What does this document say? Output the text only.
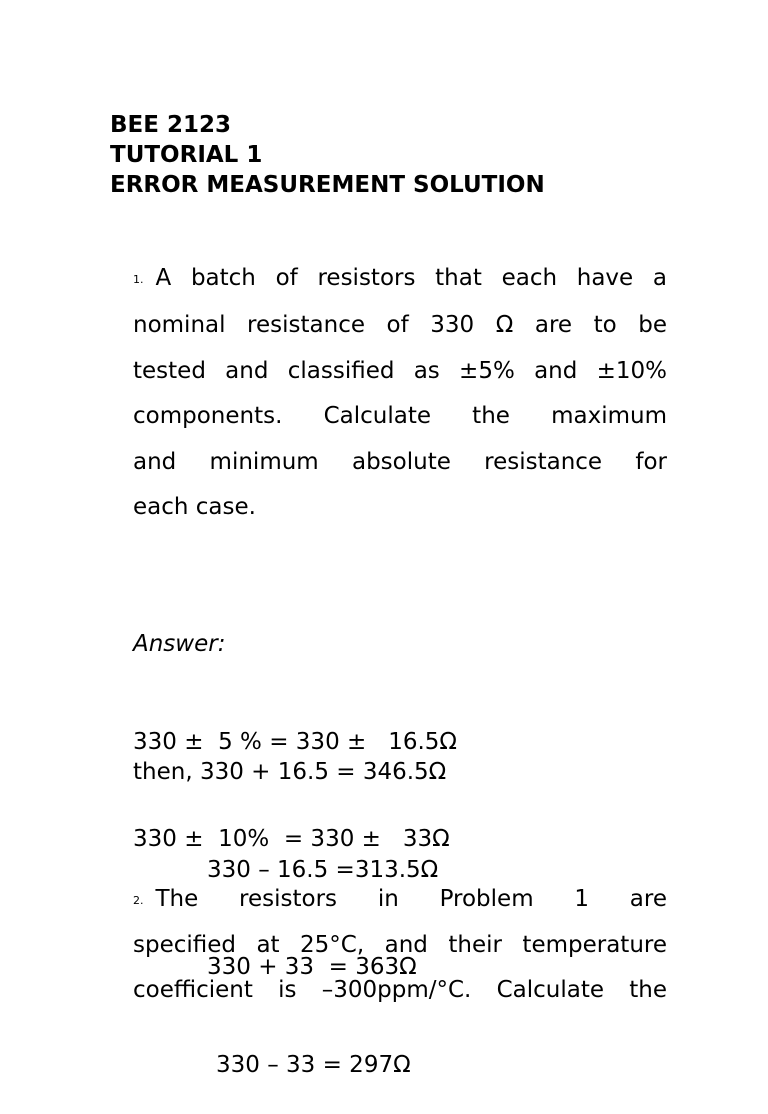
BEE 2123
TUTORIAL 1
ERROR MEASUREMENT SOLUTION
1. A batch of resistors that each have a
nominal resistance of 330 Ω are to be
tested and classified as ±5% and ±10%
components. Calculate the maximum
and minimum absolute resistance for
each case.

Answer:

330 ±  5 % = 330 ±   16.5Ω

330 ±  10%  = 330 ±   33Ω

then, 330 + 16.5 = 346.5Ω

330 – 16.5 =313.5Ω

330 + 33  = 363Ω

330 – 33 = 297Ω

2. The resistors in Problem 1 are
specified at 25°C, and their temperature
coefficient is –300ppm/°C. Calculate the
